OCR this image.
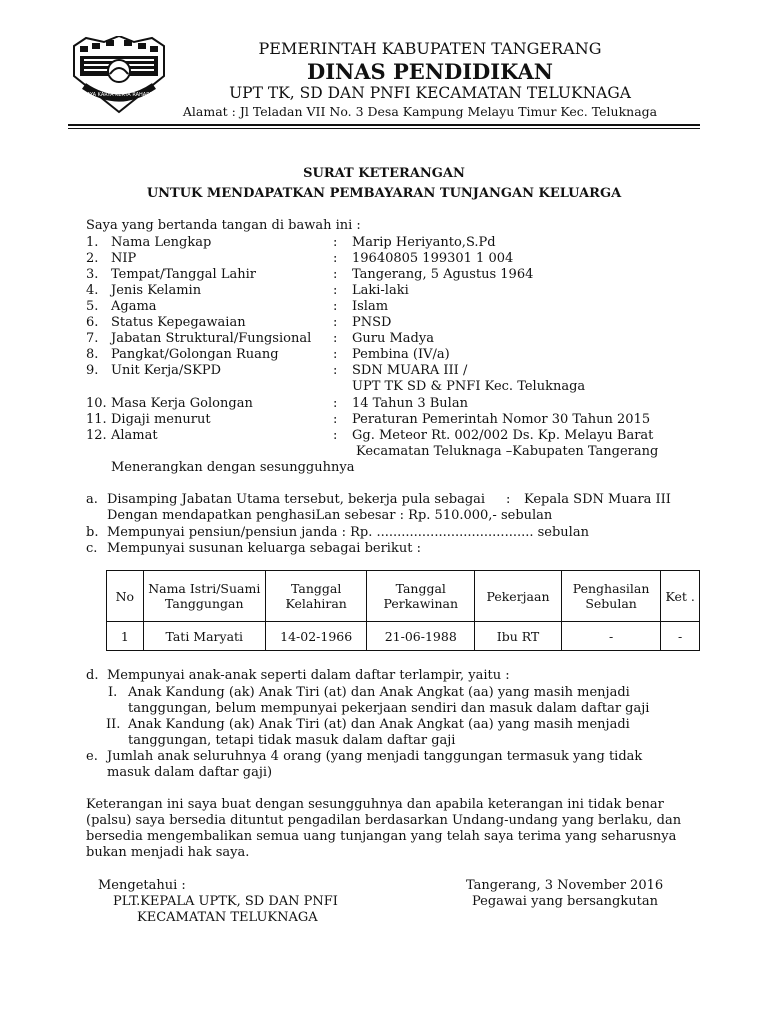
BAYA KARYA KERTA RAHARJA
PEMERINTAH KABUPATEN TANGERANG
DINAS PENDIDIKAN
UPT TK, SD DAN PNFI KECAMATAN TELUKNAGA
Alamat : Jl Teladan VII No. 3 Desa Kampung Melayu Timur Kec. Teluknaga
SURAT KETERANGAN
UNTUK MENDAPATKAN PEMBAYARAN TUNJANGAN KELUARGA
Saya yang bertanda tangan di bawah ini :
1. Nama Lengkap	: Marip Heriyanto,S.Pd
2. NIP	: 19640805 199301 1 004
3. Tempat/Tanggal Lahir	: Tangerang, 5 Agustus 1964
4. Jenis Kelamin	: Laki-laki
5. Agama	: Islam
6. Status Kepegawaian	: PNSD
7. Jabatan Struktural/Fungsional : Guru Madya
8. Pangkat/Golongan Ruang	: Pembina (IV/a)
9. Unit Kerja/SKPD	: SDN MUARA III /
UPT TK SD & PNFI Kec. Teluknaga
10. Masa Kerja Golongan	: 14 Tahun 3 Bulan
11. Digaji menurut	: Peraturan Pemerintah Nomor 30 Tahun 2015
12. Alamat	: Gg. Meteor Rt. 002/002 Ds. Kp. Melayu Barat
Kecamatan Teluknaga –Kabupaten Tangerang
Menerangkan dengan sesungguhnya
a. Disamping Jabatan Utama tersebut, bekerja pula sebagai : Kepala SDN Muara III
Dengan mendapatkan penghasiLan sebesar : Rp. 510.000,- sebulan
b. Mempunyai pensiun/pensiun janda : Rp. ...................................... sebulan
c. Mempunyai susunan keluarga sebagai berikut :
No	Nama Istri/Suami Tanggungan	Tanggal Kelahiran	Tanggal Perkawinan	Pekerjaan	Penghasilan Sebulan	Ket .
1	Tati Maryati	14-02-1966	21-06-1988	Ibu RT	-	-
d. Mempunyai anak-anak seperti dalam daftar terlampir, yaitu :
I. Anak Kandung (ak) Anak Tiri (at) dan Anak Angkat (aa) yang masih menjadi
tanggungan, belum mempunyai pekerjaan sendiri dan masuk dalam daftar gaji
II. Anak Kandung (ak) Anak Tiri (at) dan Anak Angkat (aa) yang masih menjadi
tanggungan, tetapi tidak masuk dalam daftar gaji
e. Jumlah anak seluruhnya 4 orang (yang menjadi tanggungan termasuk yang tidak
masuk dalam daftar gaji)
Keterangan ini saya buat dengan sesungguhnya dan apabila keterangan ini tidak benar
(palsu) saya bersedia dituntut pengadilan berdasarkan Undang-undang yang berlaku, dan
bersedia mengembalikan semua uang tunjangan yang telah saya terima yang seharusnya
bukan menjadi hak saya.
Mengetahui :
PLT.KEPALA UPTK, SD DAN PNFI
KECAMATAN TELUKNAGA
Tangerang, 3 November 2016
Pegawai yang bersangkutan
